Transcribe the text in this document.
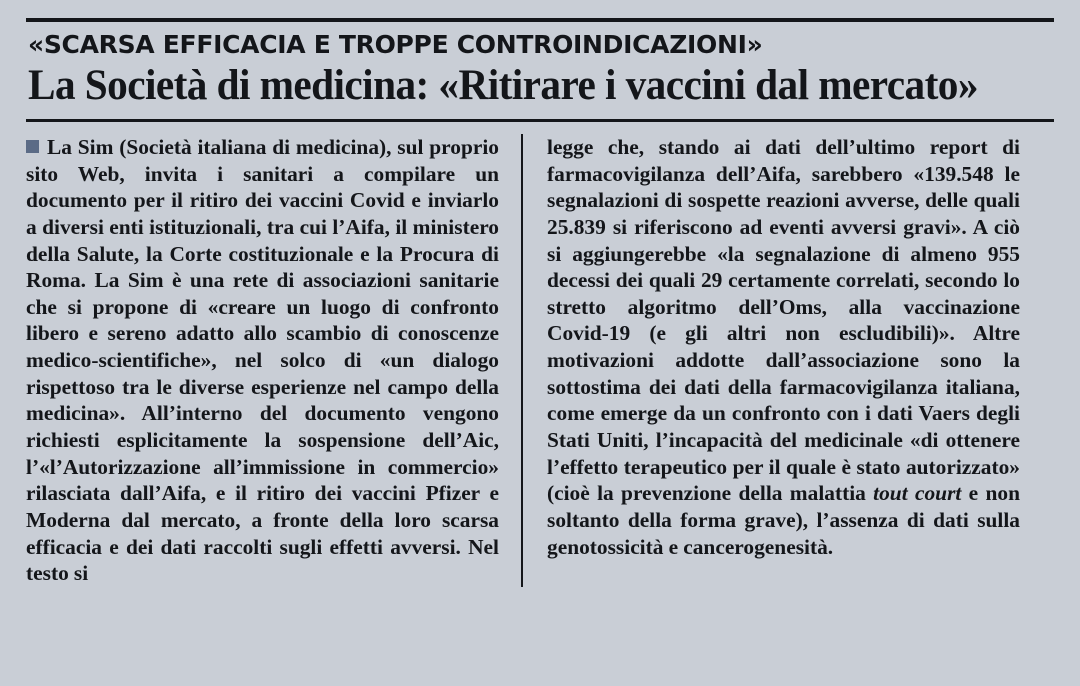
«SCARSA EFFICACIA E TROPPE CONTROINDICAZIONI»
La Società di medicina: «Ritirare i vaccini dal mercato»

La Sim (Società italiana di medicina), sul proprio sito Web, invita i sanitari a compilare un documento per il ritiro dei vaccini Covid e inviarlo a diversi enti istituzionali, tra cui l’Aifa, il ministero della Salute, la Corte costituzionale e la Procura di Roma. La Sim è una rete di associazioni sanitarie che si propone di «creare un luogo di confronto libero e sereno adatto allo scambio di conoscenze medico-scientifiche», nel solco di «un dialogo rispettoso tra le diverse esperienze nel campo della medicina». All’interno del documento vengono richiesti esplicitamente la sospensione dell’Aic, l’«l’Autorizzazione all’immissione in commercio» rilasciata dall’Aifa, e il ritiro dei vaccini Pfizer e Moderna dal mercato, a fronte della loro scarsa efficacia e dei dati raccolti sugli effetti avversi. Nel testo si

legge che, stando ai dati dell’ultimo report di farmacovigilanza dell’Aifa, sarebbero «139.548 le segnalazioni di sospette reazioni avverse, delle quali 25.839 si riferiscono ad eventi avversi gravi». A ciò si aggiungerebbe «la segnalazione di almeno 955 decessi dei quali 29 certamente correlati, secondo lo stretto algoritmo dell’Oms, alla vaccinazione Covid-19 (e gli altri non escludibili)». Altre motivazioni addotte dall’associazione sono la sottostima dei dati della farmacovigilanza italiana, come emerge da un confronto con i dati Vaers degli Stati Uniti, l’incapacità del medicinale «di ottenere l’effetto terapeutico per il quale è stato autorizzato» (cioè la prevenzione della malattia tout court e non soltanto della forma grave), l’assenza di dati sulla genotossicità e cancerogenesità.
